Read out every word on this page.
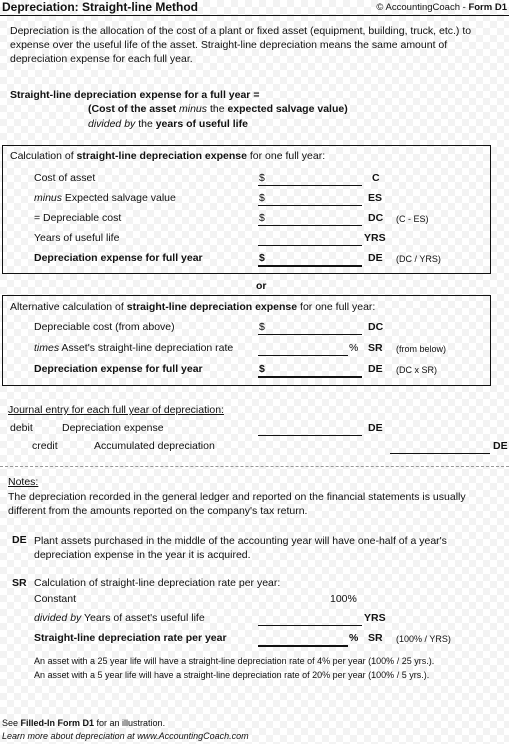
Depreciation: Straight-line Method	© AccountingCoach - Form D1
Depreciation is the allocation of the cost of a plant or fixed asset (equipment, building, truck, etc.) to expense over the useful life of the asset. Straight-line depreciation means the same amount of depreciation expense for each full year.
Straight-line depreciation expense for a full year =
(Cost of the asset minus the expected salvage value)
divided by the years of useful life
Calculation of straight-line depreciation expense for one full year:
Cost of asset	$	C
minus Expected salvage value	$	ES
= Depreciable cost	$	DC (C - ES)
Years of useful life	YRS
Depreciation expense for full year	$	DE (DC / YRS)
or
Alternative calculation of straight-line depreciation expense for one full year:
Depreciable cost (from above)	$	DC
times Asset's straight-line depreciation rate	% SR (from below)
Depreciation expense for full year	$	DE (DC x SR)
Journal entry for each full year of depreciation:
debit	Depreciation expense	DE
credit	Accumulated depreciation	DE
Notes:
The depreciation recorded in the general ledger and reported on the financial statements is usually different from the amounts reported on the company's tax return.
DE Plant assets purchased in the middle of the accounting year will have one-half of a year's depreciation expense in the year it is acquired.
SR Calculation of straight-line depreciation rate per year:
Constant	100%
divided by Years of asset's useful life	YRS
Straight-line depreciation rate per year	% SR (100% / YRS)
An asset with a 25 year life will have a straight-line depreciation rate of 4% per year (100% / 25 yrs.).
An asset with a 5 year life will have a straight-line depreciation rate of 20% per year (100% / 5 yrs.).
See Filled-In Form D1 for an illustration.
Learn more about depreciation at www.AccountingCoach.com
